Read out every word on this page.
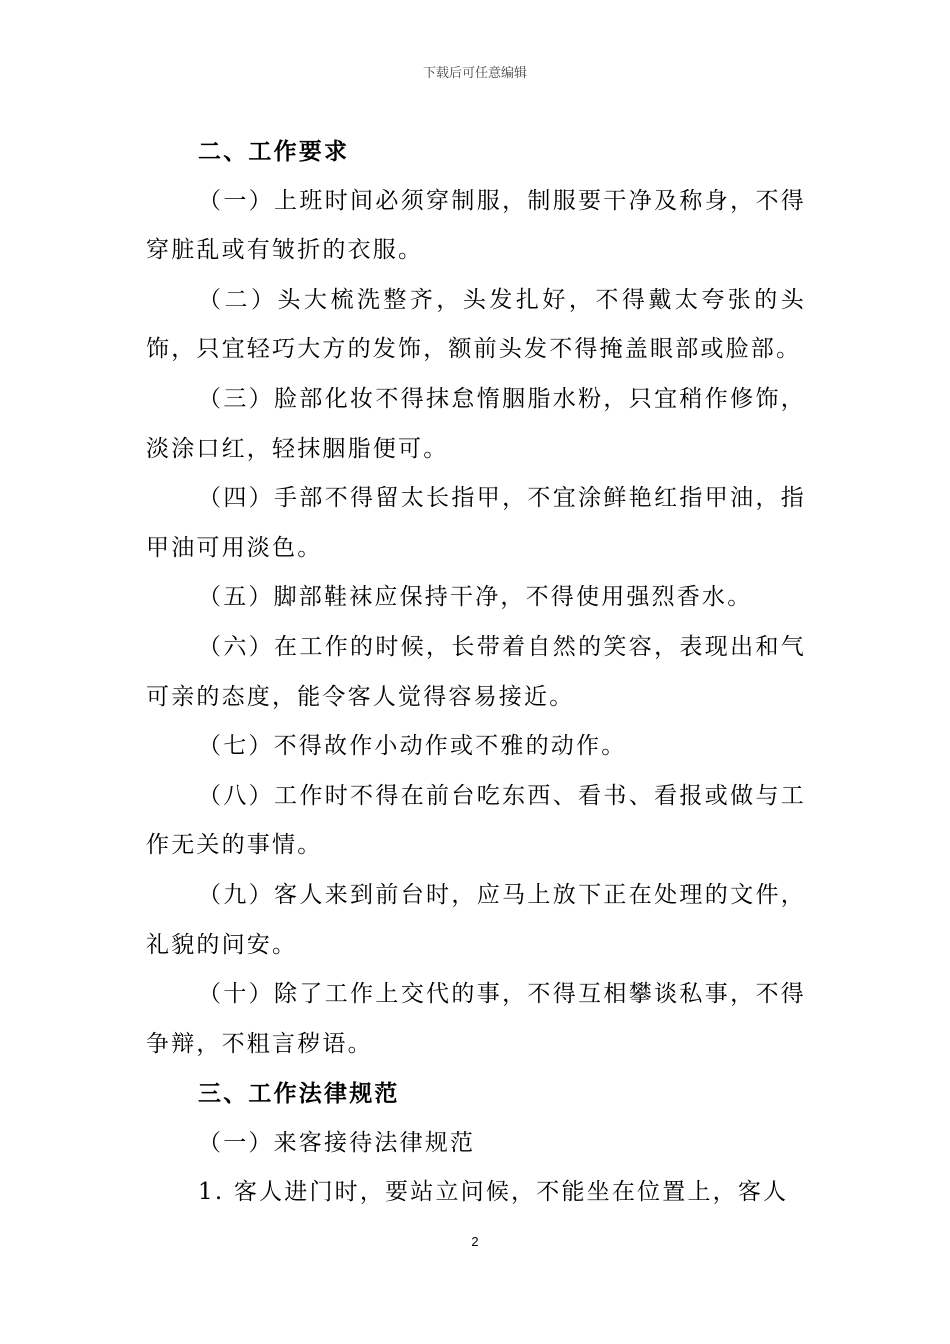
下载后可任意编辑

二、工作要求

（一）上班时间必须穿制服，制服要干净及称身，不得穿脏乱或有皱折的衣服。

（二）头大梳洗整齐，头发扎好，不得戴太夸张的头饰，只宜轻巧大方的发饰，额前头发不得掩盖眼部或脸部。

（三）脸部化妆不得抹怠惰胭脂水粉，只宜稍作修饰，淡涂口红，轻抹胭脂便可。

（四）手部不得留太长指甲，不宜涂鲜艳红指甲油，指甲油可用淡色。

（五）脚部鞋袜应保持干净，不得使用强烈香水。

（六）在工作的时候，长带着自然的笑容，表现出和气可亲的态度，能令客人觉得容易接近。

（七）不得故作小动作或不雅的动作。

（八）工作时不得在前台吃东西、看书、看报或做与工作无关的事情。

（九）客人来到前台时，应马上放下正在处理的文件，礼貌的问安。

（十）除了工作上交代的事，不得互相攀谈私事，不得争辩，不粗言秽语。

三、工作法律规范

（一）来客接待法律规范

1. 客人进门时，要站立问候，不能坐在位置上，客人

2
